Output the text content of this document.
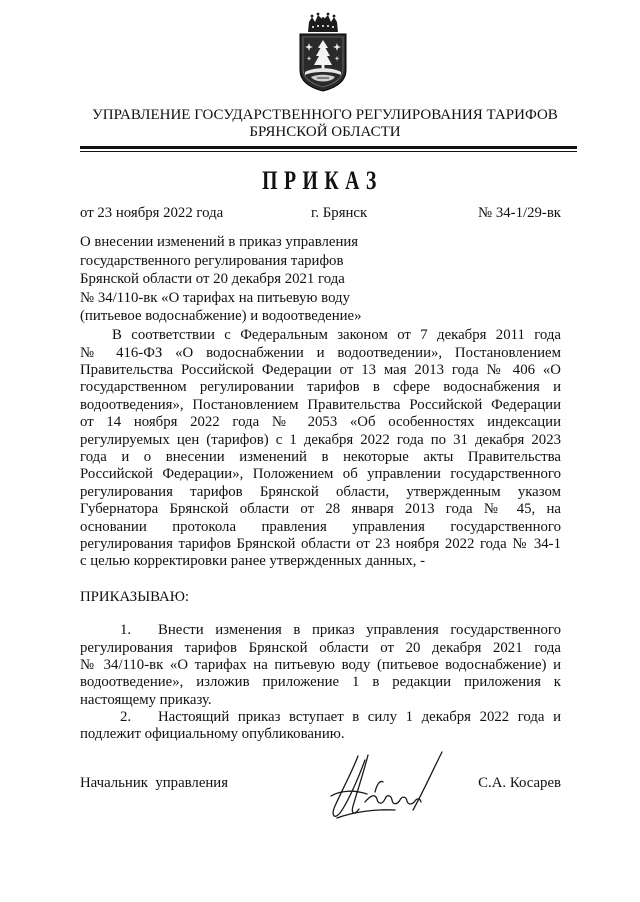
УПРАВЛЕНИЕ ГОСУДАРСТВЕННОГО РЕГУЛИРОВАНИЯ ТАРИФОВ
БРЯНСКОЙ ОБЛАСТИ
П Р И К А З
от 23 ноября 2022 года	г. Брянск	№ 34-1/29-вк
О внесении изменений в приказ управления
государственного регулирования тарифов
Брянской области от 20 декабря 2021 года
№ 34/110-вк «О тарифах на питьевую воду
(питьевое водоснабжение) и водоотведение»
В соответствии с Федеральным законом от 7 декабря 2011 года
№ 416-ФЗ «О водоснабжении и водоотведении», Постановлением
Правительства Российской Федерации от 13 мая 2013 года № 406 «О
государственном регулировании тарифов в сфере водоснабжения и
водоотведения», Постановлением Правительства Российской Федерации
от 14 ноября 2022 года № 2053 «Об особенностях индексации
регулируемых цен (тарифов) с 1 декабря 2022 года по 31 декабря 2023
года и о внесении изменений в некоторые акты Правительства
Российской Федерации», Положением об управлении государственного
регулирования тарифов Брянской области, утвержденным указом
Губернатора Брянской области от 28 января 2013 года № 45, на
основании протокола правления управления государственного
регулирования тарифов Брянской области от 23 ноября 2022 года № 34-1
с целью корректировки ранее утвержденных данных, -
ПРИКАЗЫВАЮ:
1. Внести изменения в приказ управления государственного
регулирования тарифов Брянской области от 20 декабря 2021 года
№ 34/110-вк «О тарифах на питьевую воду (питьевое водоснабжение) и
водоотведение», изложив приложение 1 в редакции приложения к
настоящему приказу.
2. Настоящий приказ вступает в силу 1 декабря 2022 года и
подлежит официальному опубликованию.
Начальник  управления	С.А. Косарев
